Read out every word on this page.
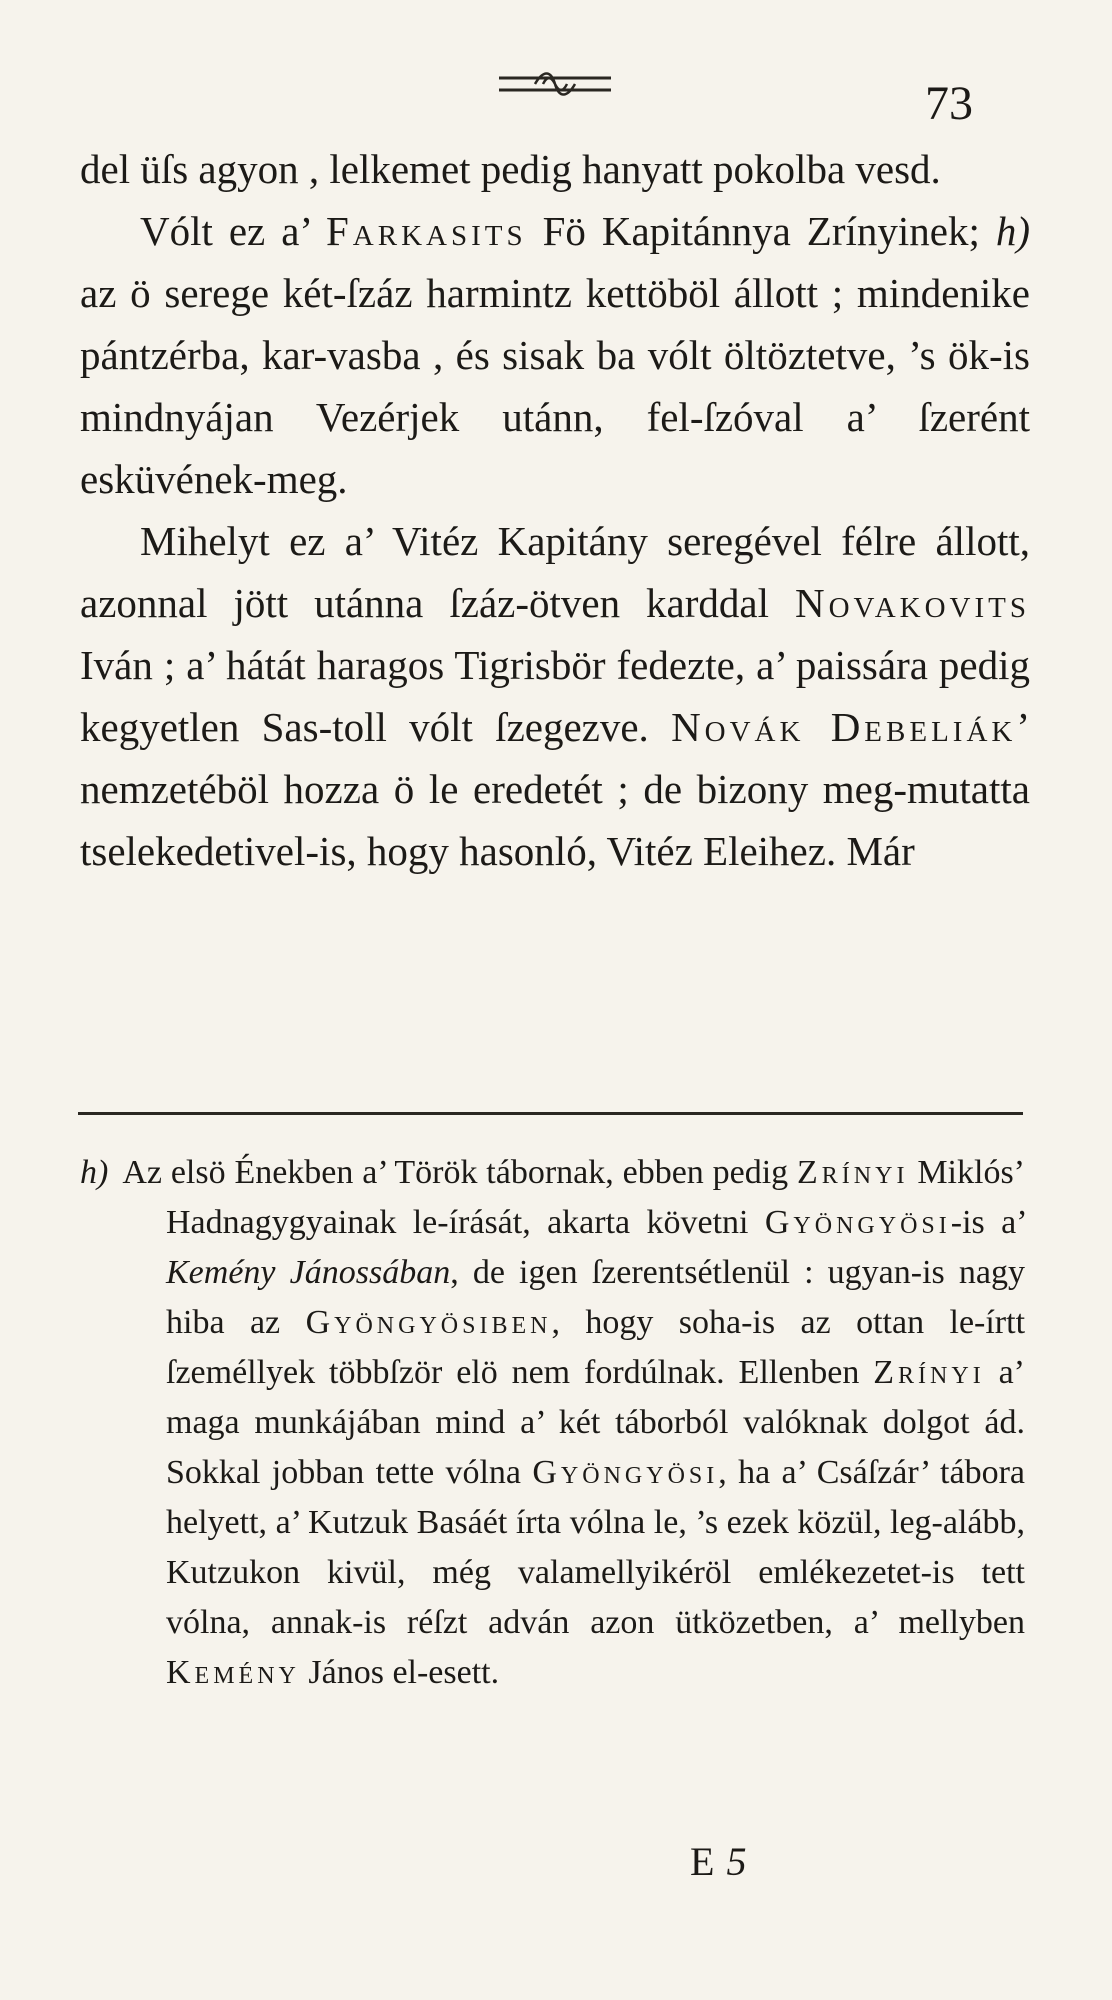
73

del üſs agyon , lelkemet pedig hanyatt pokolba vesd.

Vólt ez a’ Farkasits Fö Kapitánnya Zrínyinek; h) az ö serege két-ſzáz harmintz kettöböl állott ; mindenike pántzérba, kar-vasba , és sisak ba vólt öltöztetve, ’s ök-is mindnyájan Vezérjek utánn, fel-ſzóval a’ ſzerént esküvének-meg.

Mihelyt ez a’ Vitéz Kapitány seregével félre állott, azonnal jött utánna ſzáz-ötven karddal Novakovits Iván ; a’ hátát haragos Tigrisbör fedezte, a’ paissára pedig kegyetlen Sas-toll vólt ſzegezve. Novák Debeliák’ nemzetéböl hozza ö le eredetét ; de bizony meg-mutatta tselekedetivel-is, hogy hasonló, Vitéz Eleihez. Már

h) Az elsö Énekben a’ Török tábornak, ebben pedig Zrínyi Miklós’ Hadnagygyainak le-írását, akarta követni Gyöngyösi-is a’ Kemény Jánossában, de igen ſzerentsétlenül : ugyan-is nagy hiba az Gyöngyösiben, hogy soha-is az ottan le-írtt ſzeméllyek többſzör elö nem fordúlnak. Ellenben Zrínyi a’ maga munkájában mind a’ két táborból valóknak dolgot ád. Sokkal jobban tette vólna Gyöngyösi, ha a’ Csáſzár’ tábora helyett, a’ Kutzuk Basáét írta vólna le, ’s ezek közül, leg-alább, Kutzukon kivül, még valamellyikéröl emlékezetet-is tett vólna, annak-is réſzt adván azon ütközetben, a’ mellyben Kemény János el-esett.
E 5
